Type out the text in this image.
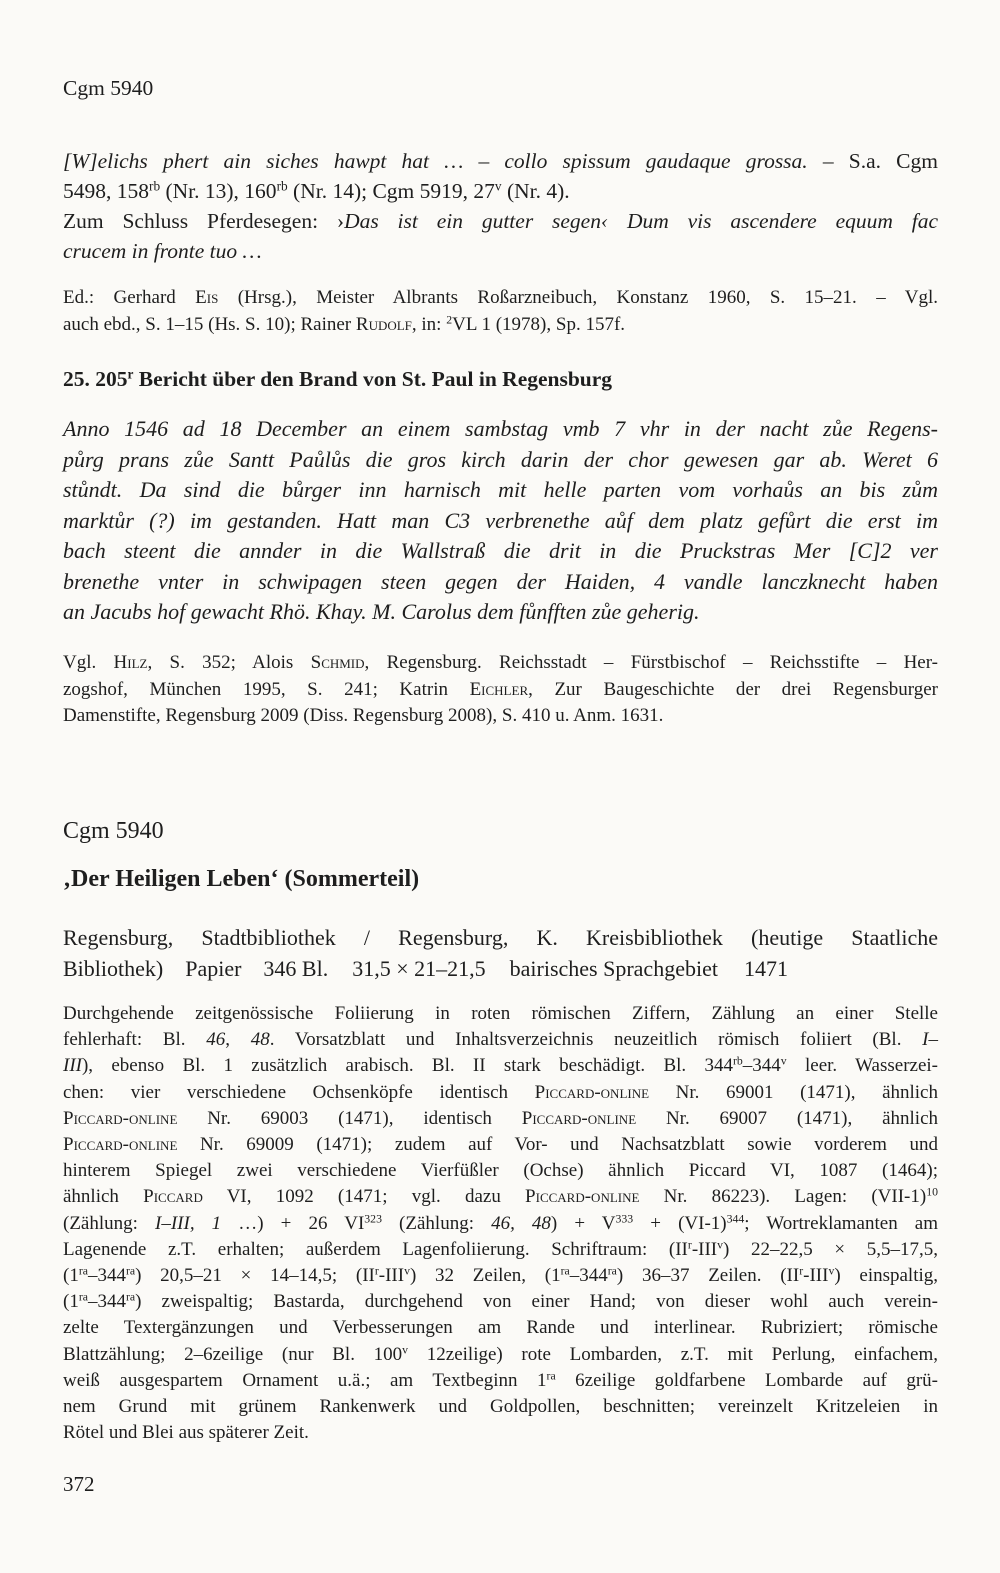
Cgm 5940
[W]elichs phert ain siches hawpt hat … – collo spissum gaudaque grossa. – S.a. Cgm
5498, $158^{rb}$ (Nr. 13), $160^{rb}$ (Nr. 14); Cgm 5919, 27$^v$ (Nr. 4).
Zum Schluss Pferdesegen: ›Das ist ein gutter segen‹ Dum vis ascendere equum fac
crucem in fronte tuo …
Ed.: Gerhard Eis (Hrsg.), Meister Albrants Roßarzneibuch, Konstanz 1960, S. 15–21. – Vgl.
auch ebd., S. 1–15 (Hs. S. 10); Rainer Rudolf, in: $^2$VL 1 (1978), Sp. 157f.
25. 205$^r$ Bericht über den Brand von St. Paul in Regensburg
Anno 1546 ad 18 December an einem sambstag vmb 7 vhr in der nacht zůe Regens-
půrg prans zůe Santt Paůlůs die gros kirch darin der chor gewesen gar ab. Weret 6
stůndt. Da sind die bůrger inn harnisch mit helle parten vom vorhaůs an bis zům
marktůr (?) im gestanden. Hatt man C3 verbrenethe aůf dem platz gefůrt die erst im
bach steent die annder in die Wallstraß die drit in die Pruckstras Mer [C]2 ver
brenethe vnter in schwipagen steen gegen der Haiden, 4 vandle lanczknecht haben
an Jacubs hof gewacht Rhö. Khay. M. Carolus dem fůnfften zůe geherig.
Vgl. Hilz, S. 352; Alois Schmid, Regensburg. Reichsstadt – Fürstbischof – Reichsstifte – Her-
zogshof, München 1995, S. 241; Katrin Eichler, Zur Baugeschichte der drei Regensburger
Damenstifte, Regensburg 2009 (Diss. Regensburg 2008), S. 410 u. Anm. 1631.
Cgm 5940
‚Der Heiligen Leben‘ (Sommerteil)
Regensburg, Stadtbibliothek / Regensburg, K. Kreisbibliothek (heutige Staatliche
Bibliothek) Papier 346 Bl. 31,5 × 21–21,5 bairisches Sprachgebiet 1471
Durchgehende zeitgenössische Foliierung in roten römischen Ziffern, Zählung an einer Stelle
fehlerhaft: Bl. 46, 48. Vorsatzblatt und Inhaltsverzeichnis neuzeitlich römisch foliiert (Bl. I–
III), ebenso Bl. 1 zusätzlich arabisch. Bl. II stark beschädigt. Bl. $344^{rb}-344^v$ leer. Wasserzei-
chen: vier verschiedene Ochsenköpfe identisch Piccard-online Nr. 69001 (1471), ähnlich
Piccard-online Nr. 69003 (1471), identisch Piccard-online Nr. 69007 (1471), ähnlich
Piccard-online Nr. 69009 (1471); zudem auf Vor- und Nachsatzblatt sowie vorderem und
hinterem Spiegel zwei verschiedene Vierfüßler (Ochse) ähnlich Piccard VI, 1087 (1464);
ähnlich Piccard VI, 1092 (1471; vgl. dazu Piccard-online Nr. 86223). Lagen: $(VII-1)^{10}$
(Zählung: I–III, 1 …) + 26 VI$^{323}$ (Zählung: 46, $48) + V^{333} + (VI-1)^{344}$; Wortreklamanten am
Lagenende z.T. erhalten; außerdem Lagenfoliierung. Schriftraum: $(II^r-III^v) 22-22,5 \times 5,5-17,5$,
$(1^{ra}-344^{ra}) 20,5-21 \times 14-14,5$; $(II^r-III^v)$ 32 Zeilen, $(1^{ra}-344^{ra})$ 36–37 Zeilen. $(II^r-III^v)$ einspaltig,
$(1^{ra}-344^{ra})$ zweispaltig; Bastarda, durchgehend von einer Hand; von dieser wohl auch verein-
zelte Textergänzungen und Verbesserungen am Rande und interlinear. Rubriziert; römische
Blattzählung; 2–6zeilige (nur Bl. 100$^v$ 12zeilige) rote Lombarden, z.T. mit Perlung, einfachem,
weiß ausgespartem Ornament u.ä.; am Textbeginn $1^{ra}$ 6zeilige goldfarbene Lombarde auf grü-
nem Grund mit grünem Rankenwerk und Goldpollen, beschnitten; vereinzelt Kritzeleien in
Rötel und Blei aus späterer Zeit.
372
